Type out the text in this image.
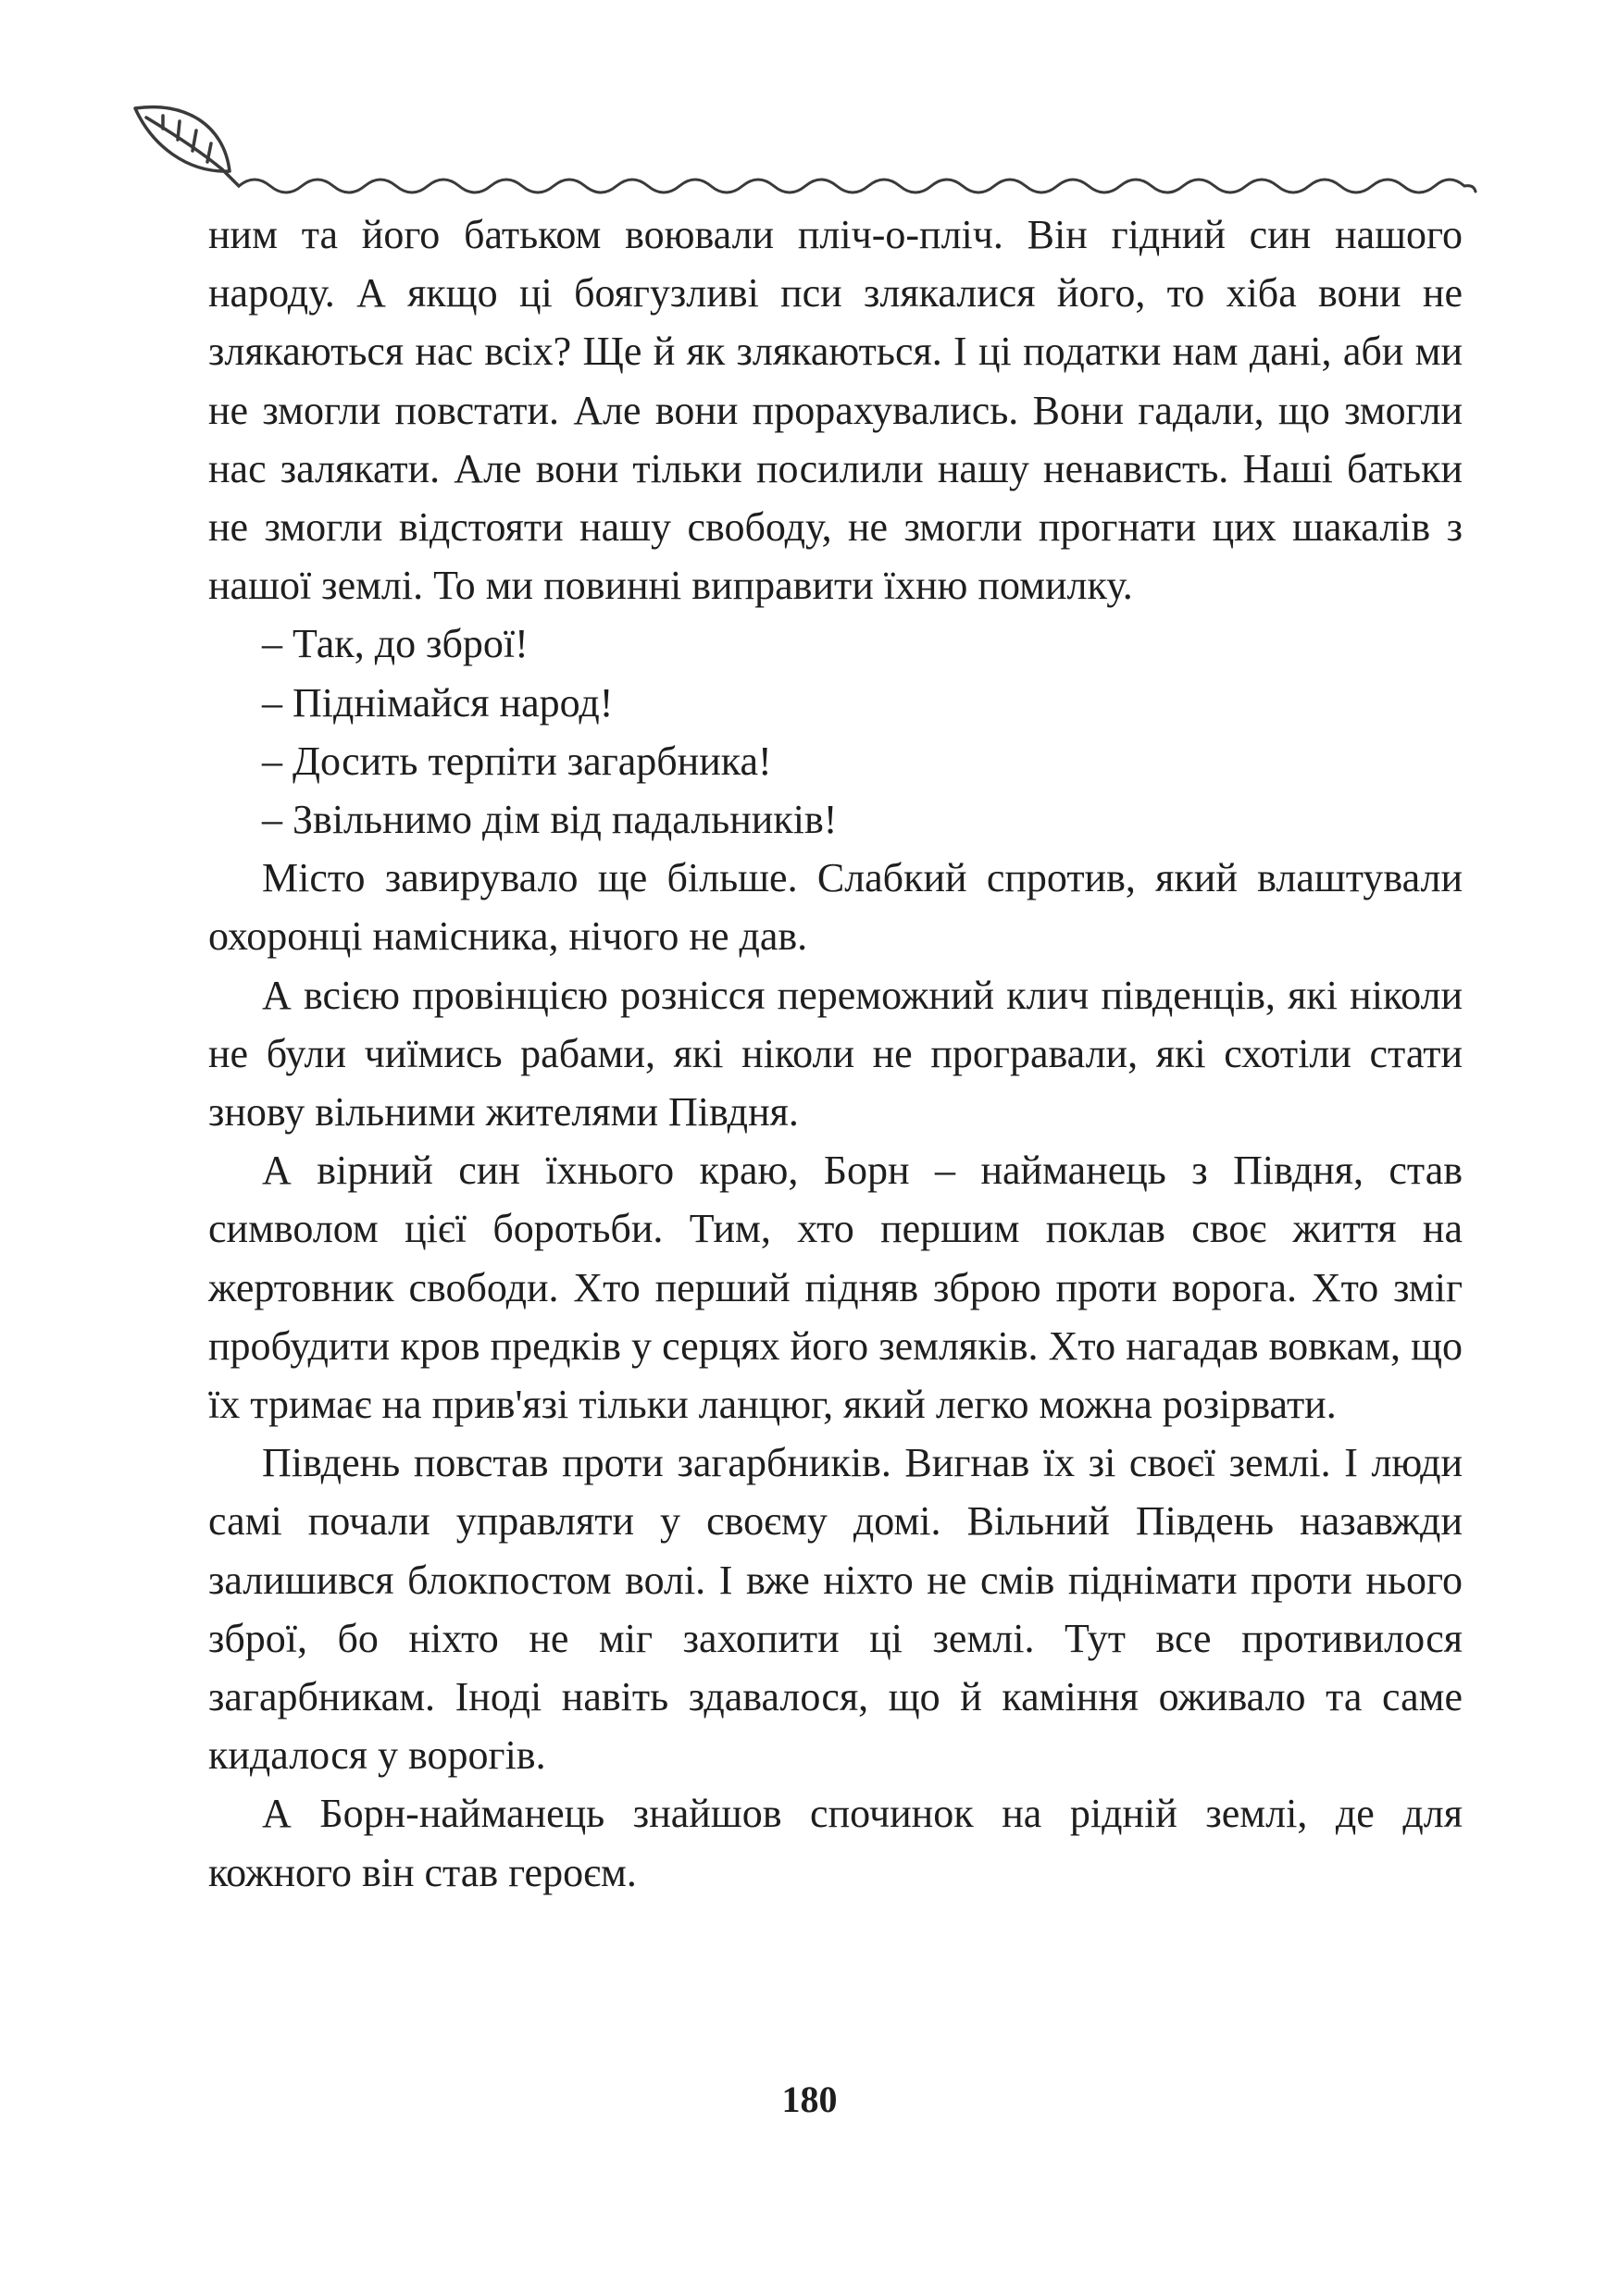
ним та його батьком воювали пліч-о-пліч. Він гідний син нашого народу. А якщо ці боягузливі пси злякалися його, то хіба вони не злякаються нас всіх? Ще й як злякаються. І ці податки нам дані, аби ми не змогли повстати. Але вони прорахувались. Вони гадали, що змогли нас залякати. Але вони тільки посилили нашу ненависть. Наші батьки не змогли відстояти нашу свободу, не змогли прогнати цих шакалів з нашої землі. То ми повинні виправити їхню помилку.

– Так, до зброї!

– Піднімайся народ!

– Досить терпіти загарбника!

– Звільнимо дім від падальників!

Місто завирувало ще більше. Слабкий спротив, який влаштували охоронці намісника, нічого не дав.

А всією провінцією рознісся переможний клич південців, які ніколи не були чиїмись рабами, які ніколи не програвали, які схотіли стати знову вільними жителями Півдня.

А вірний син їхнього краю, Борн – найманець з Півдня, став символом цієї боротьби. Тим, хто першим поклав своє життя на жертовник свободи. Хто перший підняв зброю проти ворога. Хто зміг пробудити кров предків у серцях його земляків. Хто нагадав вовкам, що їх тримає на прив'язі тільки ланцюг, який легко можна розірвати.

Південь повстав проти загарбників. Вигнав їх зі своєї землі. І люди самі почали управляти у своєму домі. Вільний Південь назавжди залишився блокпостом волі. І вже ніхто не смів піднімати проти нього зброї, бо ніхто не міг захопити ці землі. Тут все противилося загарбникам. Іноді навіть здавалося, що й каміння оживало та саме кидалося у ворогів.

А Борн-найманець знайшов спочинок на рідній землі, де для кожного він став героєм.

180
